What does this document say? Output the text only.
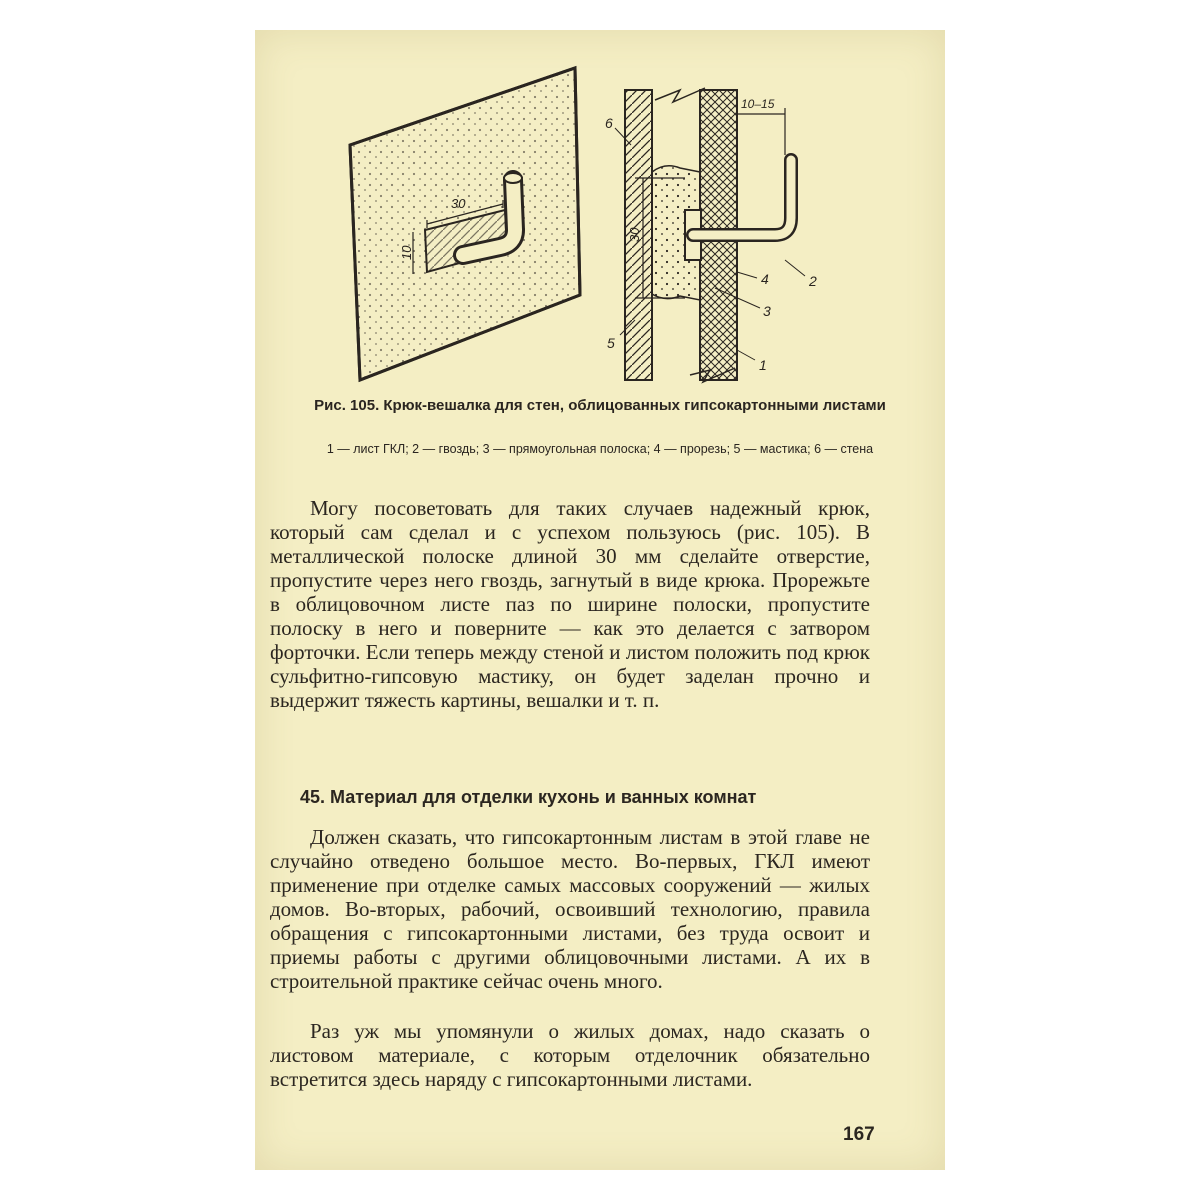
30
10
30
10–15
6
2
4
3
5
1
Рис. 105. Крюк-вешалка для стен, облицованных гипсокартонными листами
1 — лист ГКЛ; 2 — гвоздь; 3 — прямоугольная полоска; 4 — прорезь; 5 — мастика; 6 — стена

Могу посоветовать для таких случаев надежный крюк, который сам сделал и с успехом пользуюсь (рис. 105). В металлической полоске длиной 30 мм сделайте отверстие, пропустите через него гвоздь, загнутый в виде крюка. Прорежьте в облицовочном листе паз по ширине полоски, пропустите полоску в него и поверните — как это делается с затвором форточки. Если теперь между стеной и листом положить под крюк сульфитно-гипсовую мастику, он будет заделан прочно и выдержит тяжесть картины, вешалки и т. п.

45. Материал для отделки кухонь и ванных комнат

Должен сказать, что гипсокартонным листам в этой главе не случайно отведено большое место. Во-первых, ГКЛ имеют применение при отделке самых массовых сооружений — жилых домов. Во-вторых, рабочий, освоивший технологию, правила обращения с гипсокартонными листами, без труда освоит и приемы работы с другими облицовочными листами. А их в строительной практике сейчас очень много.

Раз уж мы упомянули о жилых домах, надо сказать о листовом материале, с которым отделочник обязательно встретится здесь наряду с гипсокартонными листами.

167
